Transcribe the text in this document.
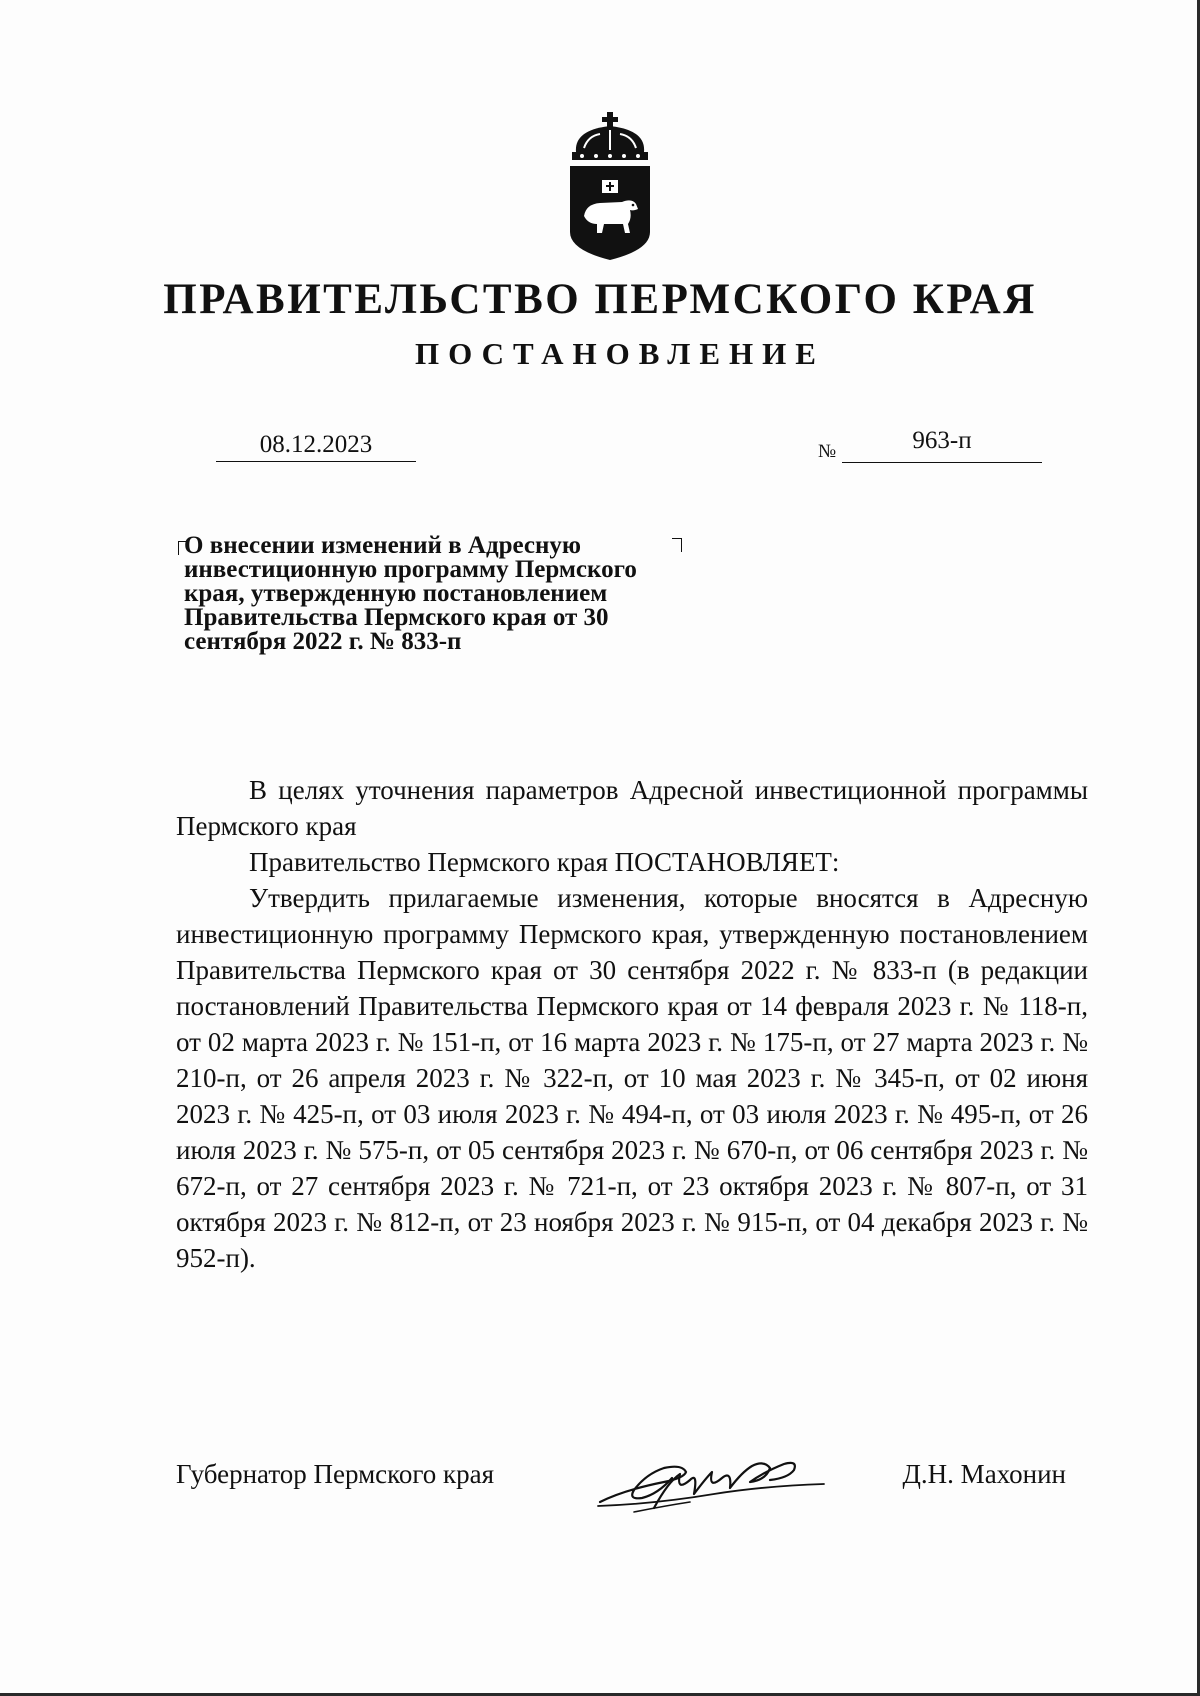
ПРАВИТЕЛЬСТВО ПЕРМСКОГО КРАЯ
ПОСТАНОВЛЕНИЕ
08.12.2023	№	963-п

О внесении изменений в Адресную инвестиционную программу Пермского края, утвержденную постановлением Правительства Пермского края от 30 сентября 2022 г. № 833-п

В целях уточнения параметров Адресной инвестиционной программы Пермского края

Правительство Пермского края ПОСТАНОВЛЯЕТ:

Утвердить прилагаемые изменения, которые вносятся в Адресную инвестиционную программу Пермского края, утвержденную постановлением Правительства Пермского края от 30 сентября 2022 г. № 833-п (в редакции постановлений Правительства Пермского края от 14 февраля 2023 г. № 118-п, от 02 марта 2023 г. № 151-п, от 16 марта 2023 г. № 175-п, от 27 марта 2023 г. № 210-п, от 26 апреля 2023 г. № 322-п, от 10 мая 2023 г. № 345-п, от 02 июня 2023 г. № 425-п, от 03 июля 2023 г. № 494-п, от 03 июля 2023 г. № 495-п, от 26 июля 2023 г. № 575-п, от 05 сентября 2023 г. № 670-п, от 06 сентября 2023 г. № 672-п, от 27 сентября 2023 г. № 721-п, от 23 октября 2023 г. № 807-п, от 31 октября 2023 г. № 812-п, от 23 ноября 2023 г. № 915-п, от 04 декабря 2023 г. № 952-п).

Губернатор Пермского края	Д.Н. Махонин
